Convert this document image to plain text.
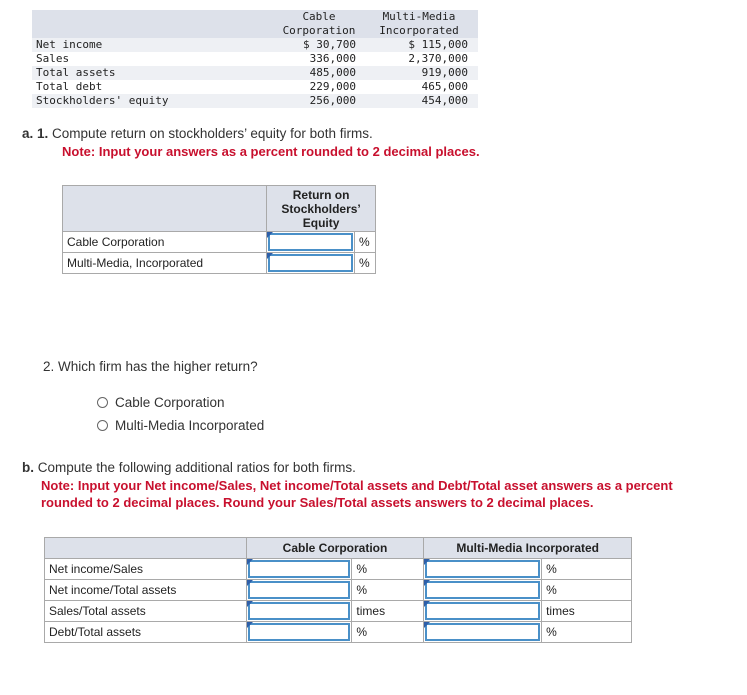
	Cable	Multi-Media
	Corporation	Incorporated
Net income	$ 30,700	$ 115,000
Sales	336,000	2,370,000
Total assets	485,000	919,000
Total debt	229,000	465,000
Stockholders' equity	256,000	454,000
a. 1. Compute return on stockholders’ equity for both firms.
Note: Input your answers as a percent rounded to 2 decimal places.
	Return on Stockholders’ Equity	
Cable Corporation		%
Multi-Media, Incorporated		%
2. Which firm has the higher return?
Cable Corporation
Multi-Media Incorporated
b. Compute the following additional ratios for both firms.
Note: Input your Net income/Sales, Net income/Total assets and Debt/Total asset answers as a percent
rounded to 2 decimal places. Round your Sales/Total assets answers to 2 decimal places.
	Cable Corporation		Multi-Media Incorporated	
Net income/Sales		%		%
Net income/Total assets		%		%
Sales/Total assets		times		times
Debt/Total assets		%		%
